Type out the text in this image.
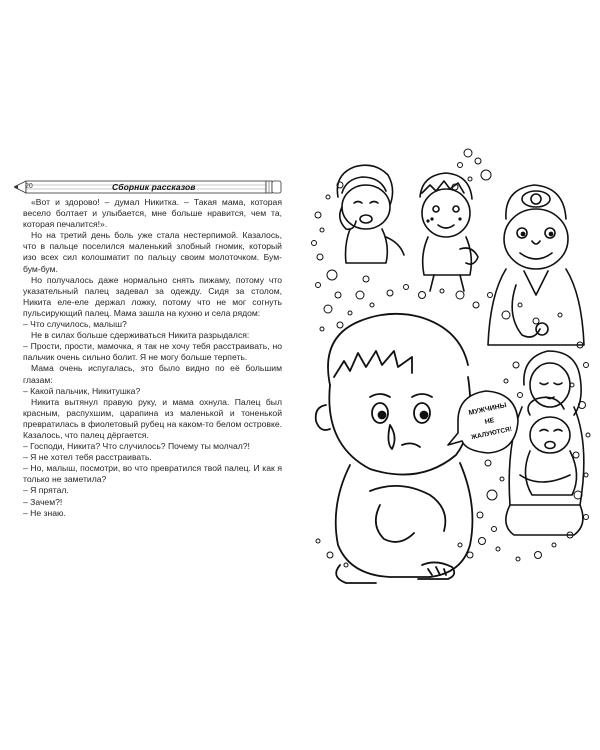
20	Сборник рассказов

«Вот и здорово! – думал Никитка. – Такая мама, которая весело болтает и улыбается, мне больше нравится, чем та, которая печалится!».

Но на третий день боль уже стала нестерпимой. Казалось, что в пальце поселился маленький злобный гномик, который изо всех сил колошматит по пальцу своим молоточком. Бум-бум-бум.

Но получалось даже нормально снять пижаму, потому что указательный палец задевал за одежду. Сидя за столом, Никита еле-еле держал ложку, потому что не мог согнуть пульсирующий палец. Мама зашла на кухню и села рядом:

– Что случилось, малыш?

Не в силах больше сдерживаться Никита разрыдался:

– Прости, прости, мамочка, я так не хочу тебя расстраивать, но пальчик очень сильно болит. Я не могу больше терпеть.

Мама очень испугалась, это было видно по её большим глазам:

– Какой пальчик, Никитушка?

Никита вытянул правую руку, и мама охнула. Палец был красным, распухшим, царапина из маленькой и тоненькой превратилась в фиолетовый рубец на каком-то белом островке. Казалось, что палец дёргается.

– Господи, Никита? Что случилось? Почему ты молчал?!

– Я не хотел тебя расстраивать.

– Но, малыш, посмотри, во что превратился твой палец. И как я только не заметила?

– Я прятал.

– Зачем?!

– Не знаю.

МУЖЧИНЫ
НЕ
ЖАЛУЮТСЯ!
